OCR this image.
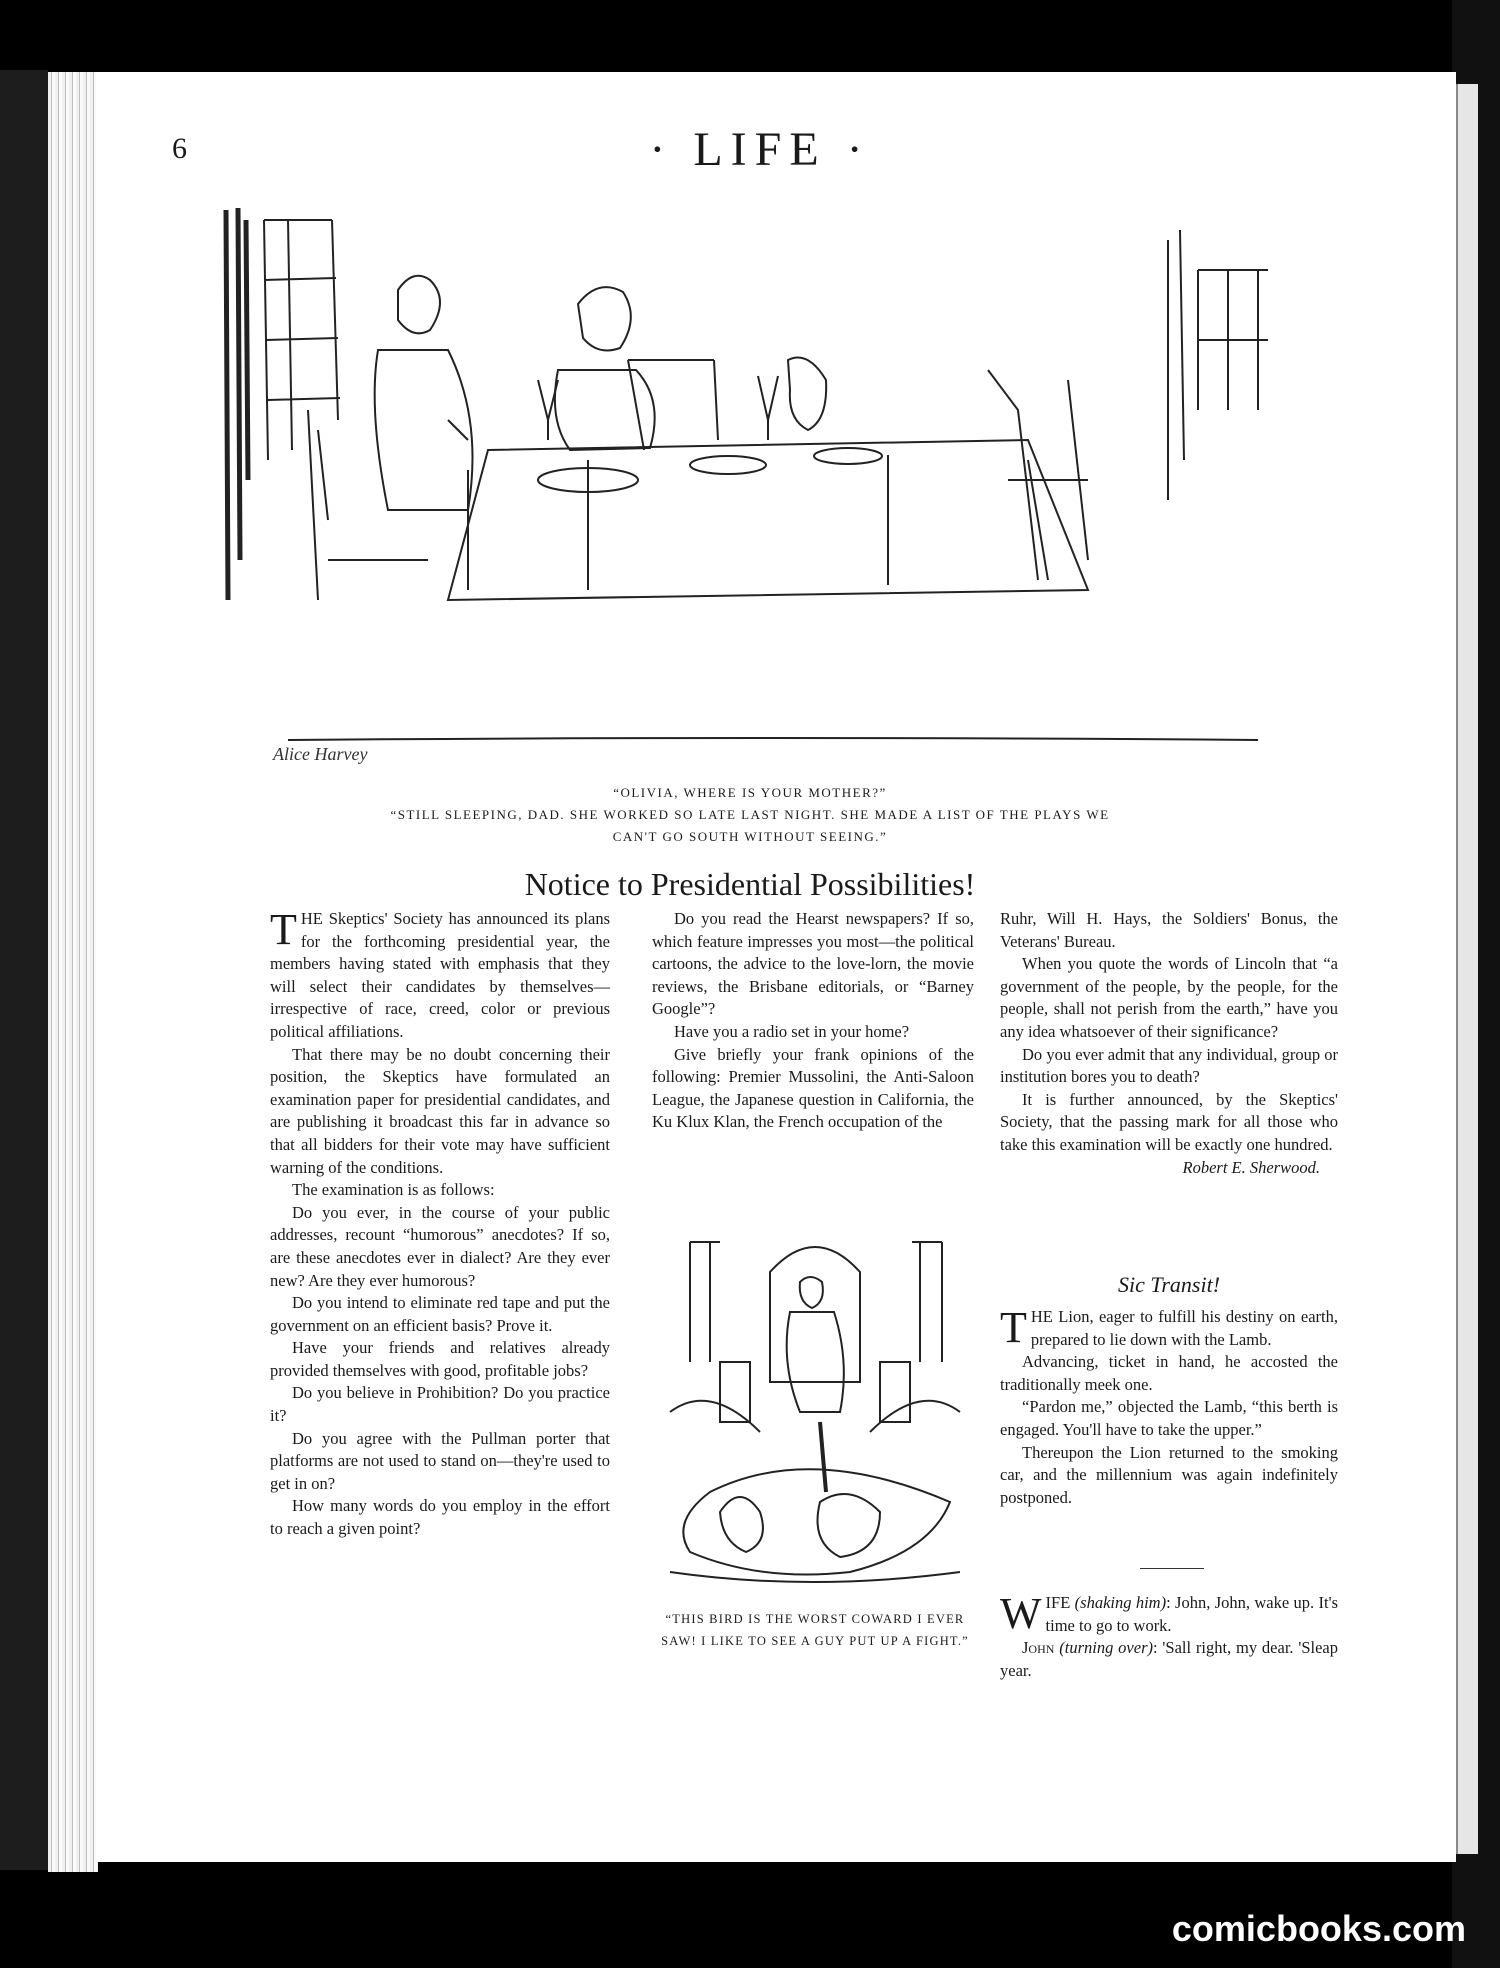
6	· LIFE ·
Alice Harvey
“OLIVIA, WHERE IS YOUR MOTHER?”
“STILL SLEEPING, DAD. SHE WORKED SO LATE LAST NIGHT. SHE MADE A LIST OF THE PLAYS WE
CAN'T GO SOUTH WITHOUT SEEING.”
Notice to Presidential Possibilities!

THE Skeptics' Society has announced its plans for the forthcoming presidential year, the members having stated with emphasis that they will select their candidates by themselves—irrespective of race, creed, color or previous political affiliations.

That there may be no doubt concerning their position, the Skeptics have formulated an examination paper for presidential candidates, and are publishing it broadcast this far in advance so that all bidders for their vote may have sufficient warning of the conditions.

The examination is as follows:

Do you ever, in the course of your public addresses, recount “humorous” anecdotes? If so, are these anecdotes ever in dialect? Are they ever new? Are they ever humorous?

Do you intend to eliminate red tape and put the government on an efficient basis? Prove it.

Have your friends and relatives already provided themselves with good, profitable jobs?

Do you believe in Prohibition? Do you practice it?

Do you agree with the Pullman porter that platforms are not used to stand on—they're used to get in on?

How many words do you employ in the effort to reach a given point?

Do you read the Hearst newspapers? If so, which feature impresses you most—the political cartoons, the advice to the love-lorn, the movie reviews, the Brisbane editorials, or “Barney Google”?

Have you a radio set in your home?

Give briefly your frank opinions of the following: Premier Mussolini, the Anti-Saloon League, the Japanese question in California, the Ku Klux Klan, the French occupation of the

“THIS BIRD IS THE WORST COWARD I EVER SAW! I LIKE TO SEE A GUY PUT UP A FIGHT.”

Ruhr, Will H. Hays, the Soldiers' Bonus, the Veterans' Bureau.

When you quote the words of Lincoln that “a government of the people, by the people, for the people, shall not perish from the earth,” have you any idea whatsoever of their significance?

Do you ever admit that any individual, group or institution bores you to death?

It is further announced, by the Skeptics' Society, that the passing mark for all those who take this examination will be exactly one hundred.

Robert E. Sherwood.
Sic Transit!

THE Lion, eager to fulfill his destiny on earth, prepared to lie down with the Lamb.

Advancing, ticket in hand, he accosted the traditionally meek one.

“Pardon me,” objected the Lamb, “this berth is engaged. You'll have to take the upper.”

Thereupon the Lion returned to the smoking car, and the millennium was again indefinitely postponed.

WIFE (shaking him): John, John, wake up. It's time to go to work.

John (turning over): 'Sall right, my dear. 'Sleap year.

comicbooks.com
